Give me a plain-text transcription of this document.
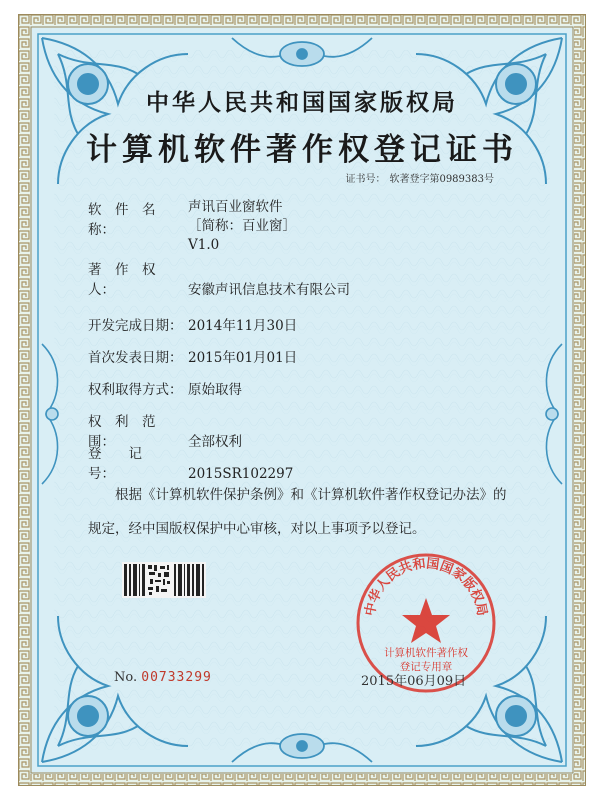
中华人民共和国国家版权局
计算机软件著作权登记证书
证书号： 软著登字第0989383号
软　件　名　称：
声讯百业窗软件
［简称：百业窗］
V1.0
著　作　权　人：	安徽声讯信息技术有限公司
开发完成日期： 2014年11月30日
首次发表日期： 2015年01月01日
权利取得方式： 原始取得
权　利　范　围：	全部权利
登　　记　　号：	2015SR102297
根据《计算机软件保护条例》和《计算机软件著作权登记办法》的
规定，经中国版权保护中心审核，对以上事项予以登记。
No. 00733299
中华人民共和国国家版权局
计算机软件著作权
登记专用章
2015年06月09日
